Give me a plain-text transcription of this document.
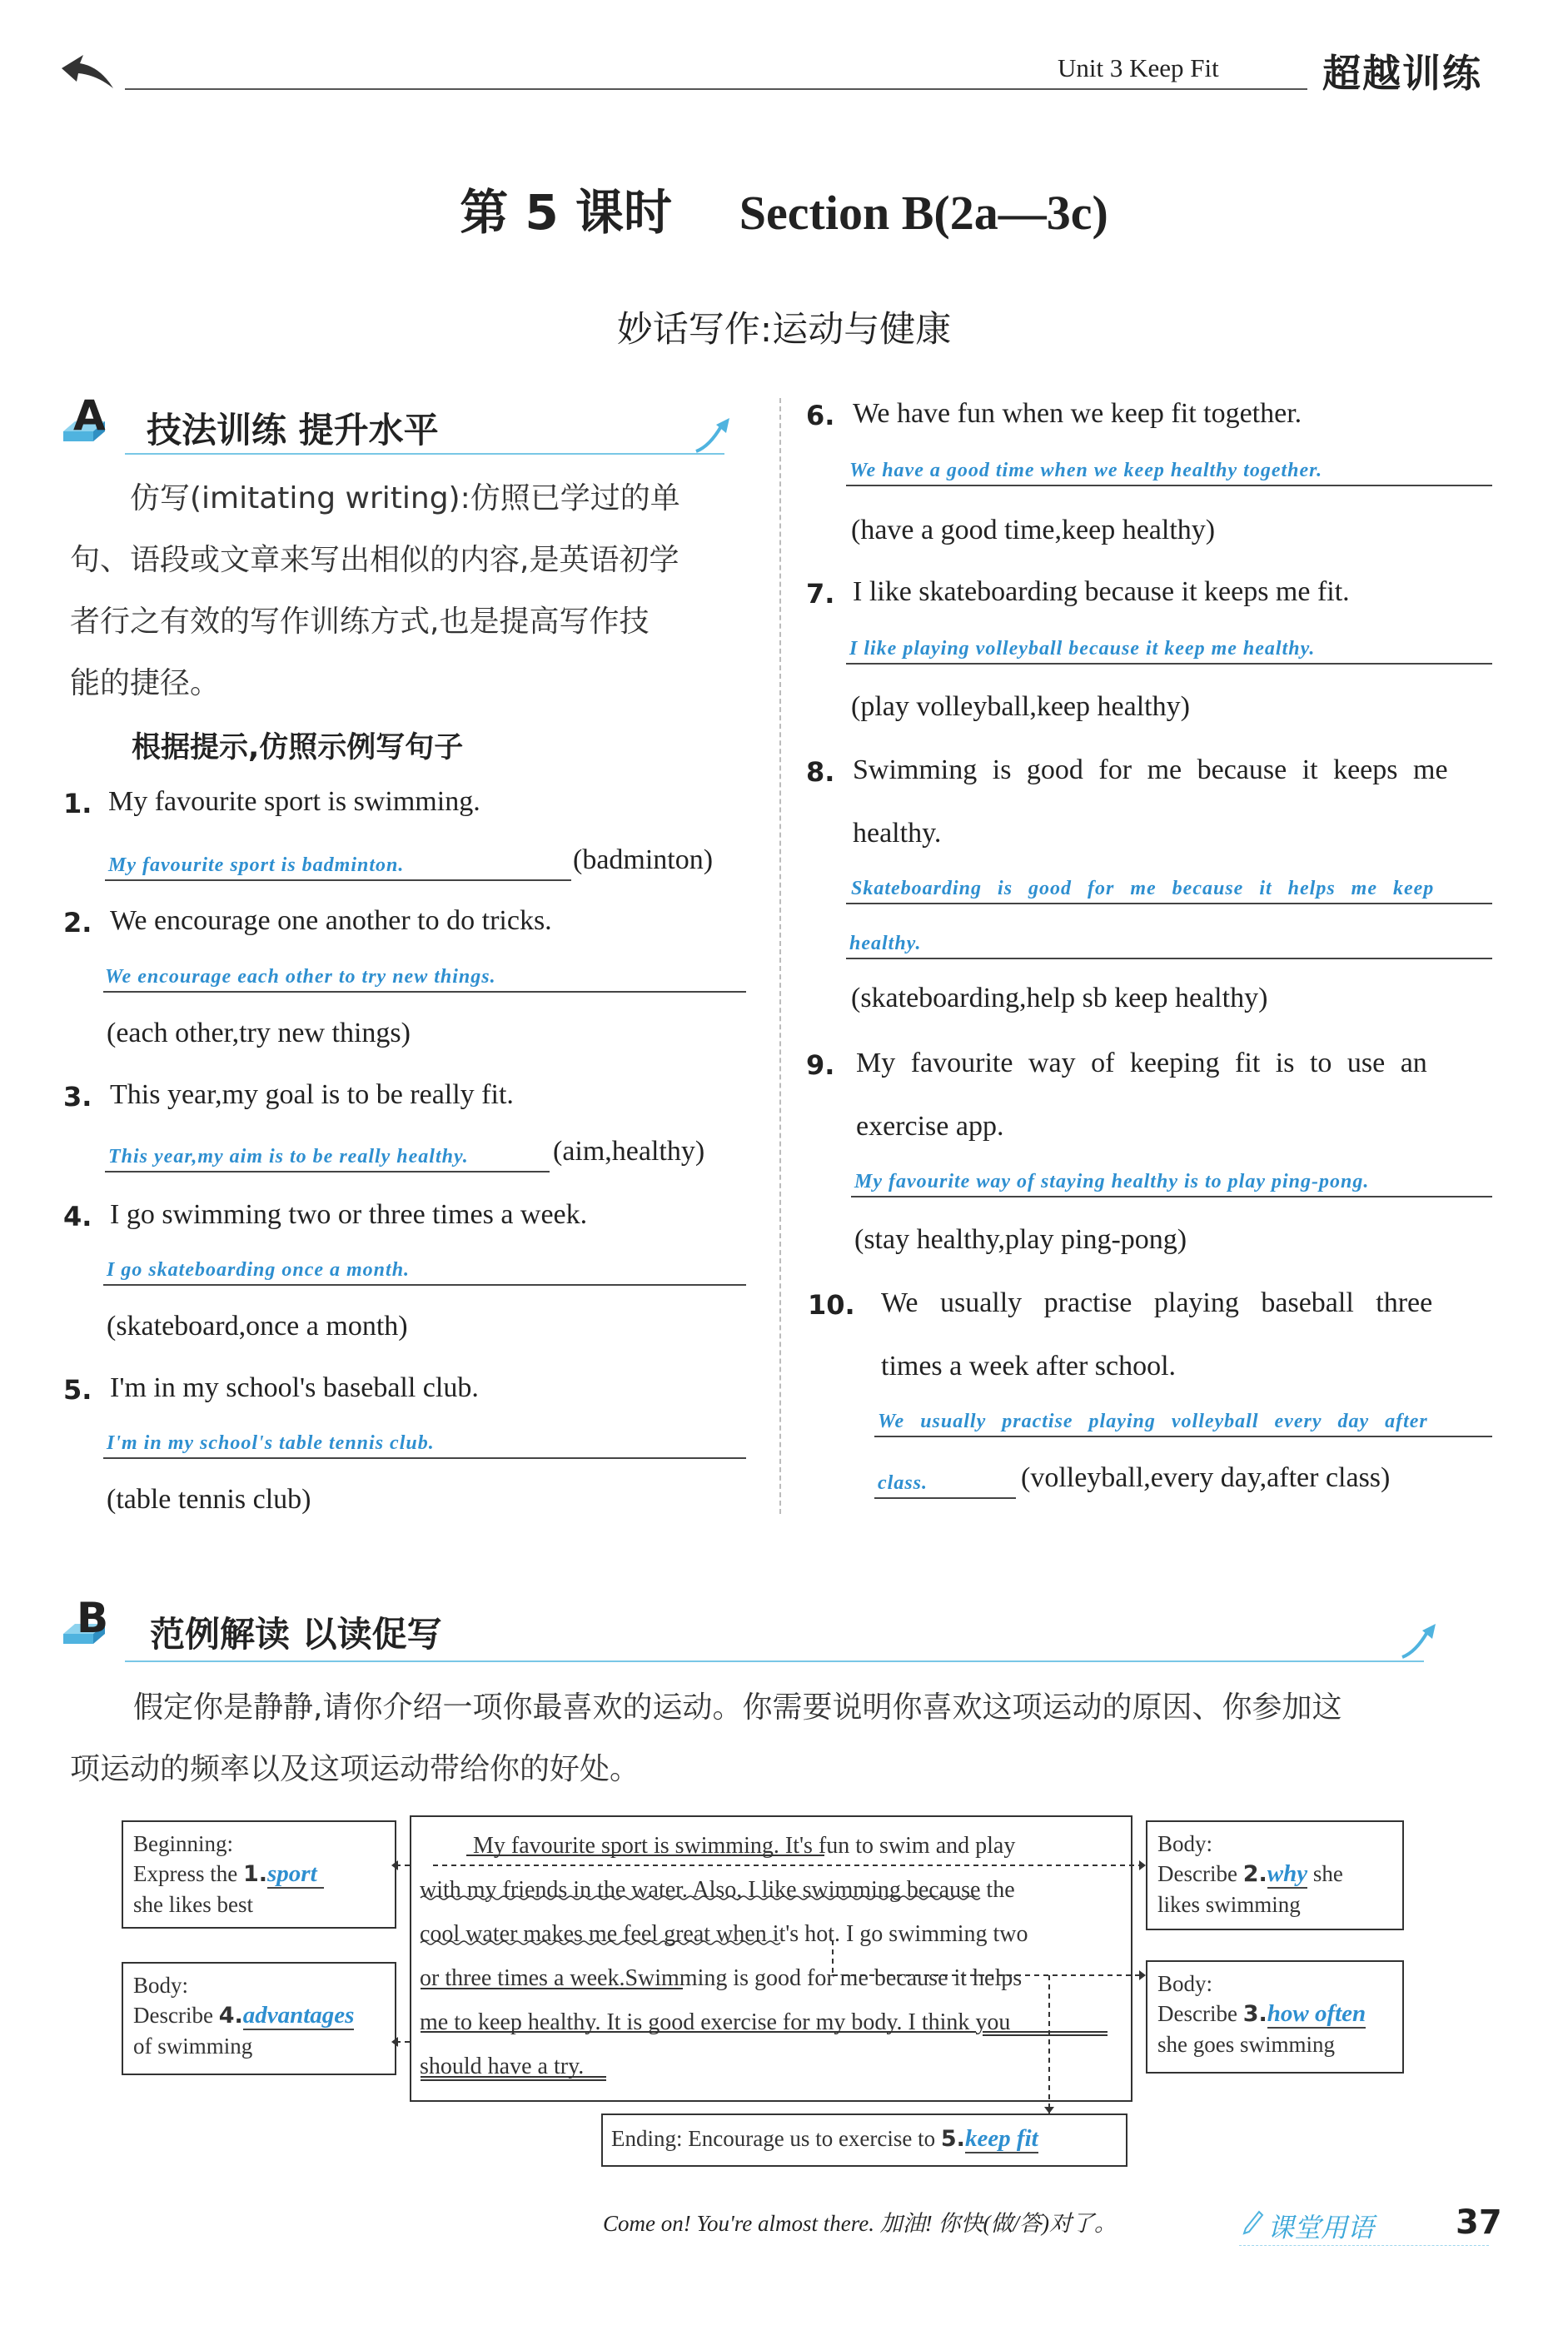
Unit 3 Keep Fit	超越训练
第 5 课时 Section B(2a—3c)
妙话写作:运动与健康
A 技法训练 提升水平
仿写(imitating writing):仿照已学过的单
句、语段或文章来写出相似的内容,是英语初学
者行之有效的写作训练方式,也是提高写作技
能的捷径。
根据提示,仿照示例写句子
1. My favourite sport is swimming.
My favourite sport is badminton.	(badminton)
2. We encourage one another to do tricks.
We encourage each other to try new things.
(each other,try new things)
3. This year,my goal is to be really fit.
This year,my aim is to be really healthy.	(aim,healthy)
4. I go swimming two or three times a week.
I go skateboarding once a month.
(skateboard,once a month)
5. I'm in my school's baseball club.
I'm in my school's table tennis club.
(table tennis club)
6. We have fun when we keep fit together.
We have a good time when we keep healthy together.
(have a good time,keep healthy)
7. I like skateboarding because it keeps me fit.
I like playing volleyball because it keep me healthy.
(play volleyball,keep healthy)
8. Swimming is good for me because it keeps me
healthy.
Skateboarding is good for me because it helps me keep
healthy.
(skateboarding,help sb keep healthy)
9. My favourite way of keeping fit is to use an
exercise app.
My favourite way of staying healthy is to play ping-pong.
(stay healthy,play ping-pong)
10. We usually practise playing baseball three
times a week after school.
We usually practise playing volleyball every day after
class.	(volleyball,every day,after class)
B 范例解读 以读促写
假定你是静静,请你介绍一项你最喜欢的运动。你需要说明你喜欢这项运动的原因、你参加这
项运动的频率以及这项运动带给你的好处。
Beginning:
Express the 1.sport
she likes best
Body:
Describe 4.advantages
of swimming
Body:
Describe 2.why she
likes swimming
Body:
Describe 3.how often
she goes swimming
My favourite sport is swimming. It's fun to swim and play
with my friends in the water. Also, I like swimming because the
cool water makes me feel great when it's hot. I go swimming two
or three times a week.Swimming is good for me because it helps
me to keep healthy. It is good exercise for my body. I think you
should have a try.
Ending: Encourage us to exercise to 5.keep fit
Come on! You're almost there. 加油! 你快(做/答)对了。	课堂用语 37
